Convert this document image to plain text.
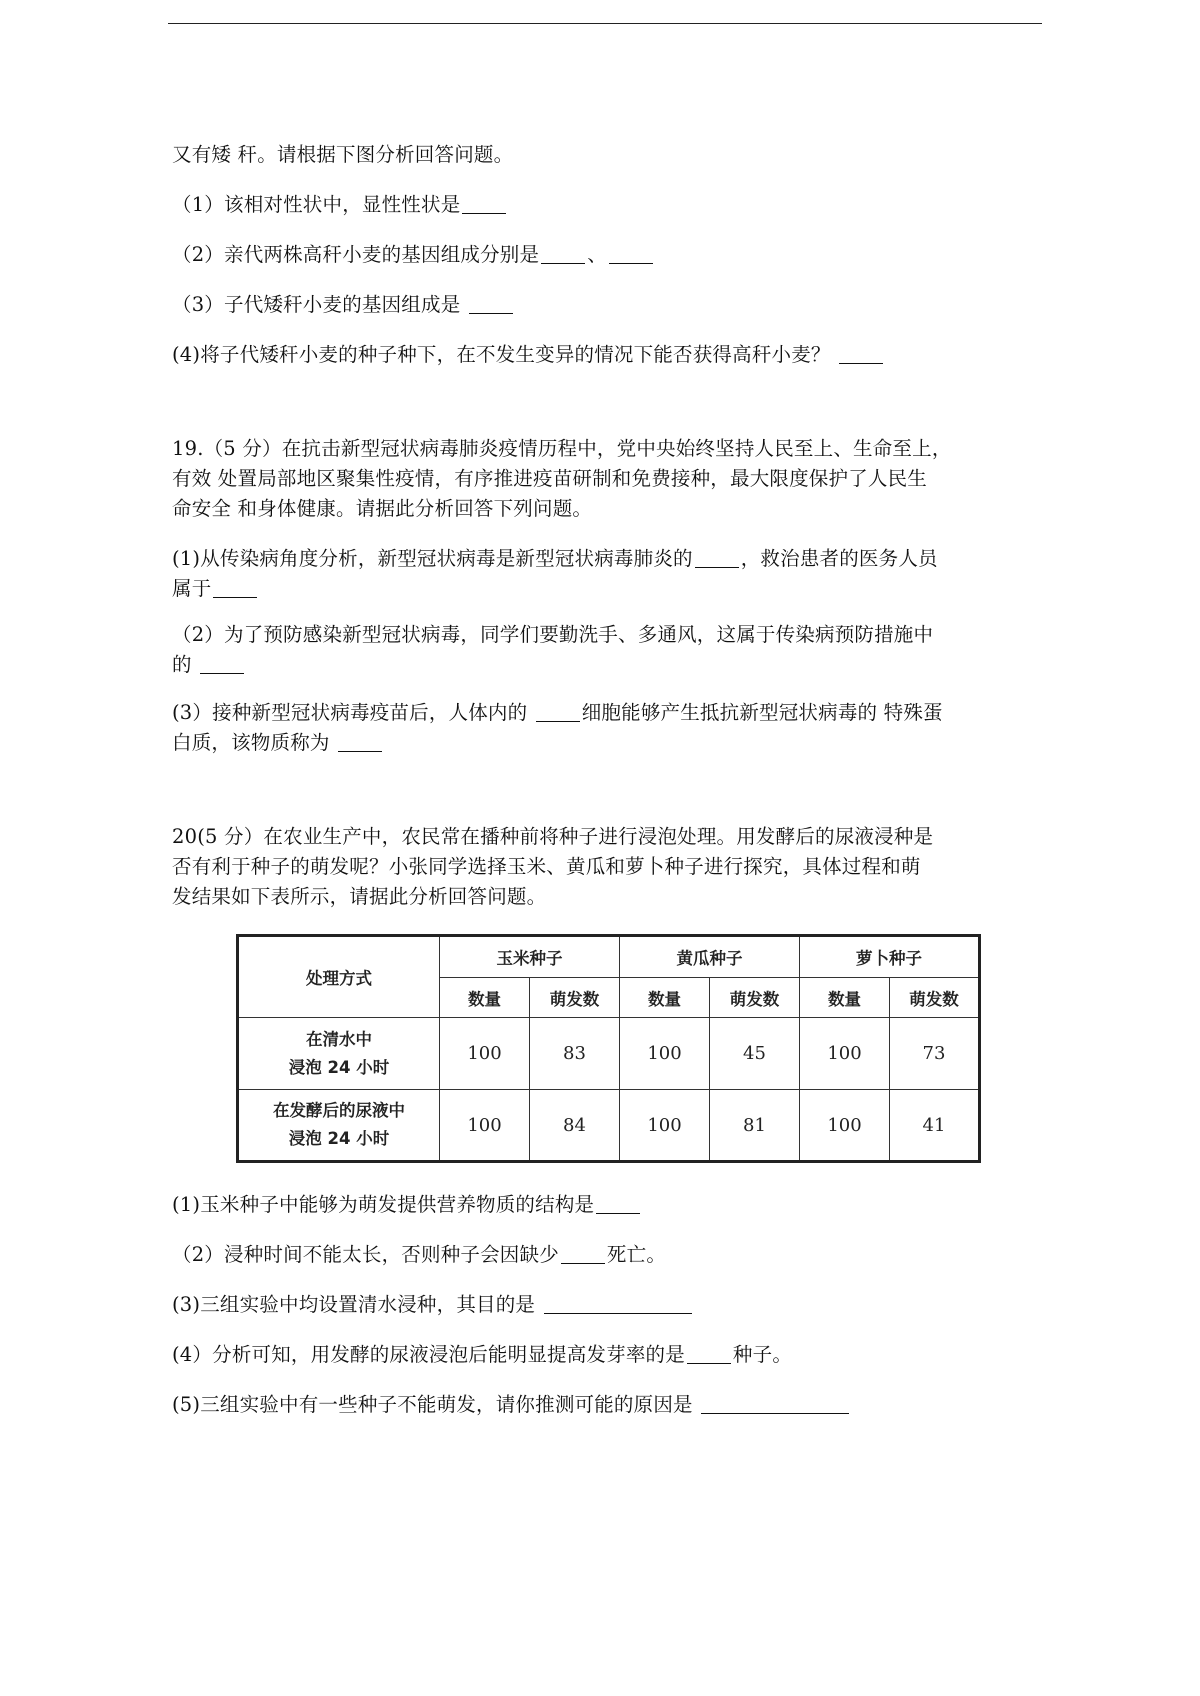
又有矮 秆。请根据下图分析回答问题。
（1）该相对性状中，显性性状是
（2）亲代两株高秆小麦的基因组成分别是 、
（3）子代矮秆小麦的基因组成是
(4)将子代矮秆小麦的种子种下，在不发生变异的情况下能否获得高秆小麦？
19.（5 分）在抗击新型冠状病毒肺炎疫情历程中，党中央始终坚持人民至上、生命至上，
有效 处置局部地区聚集性疫情，有序推进疫苗研制和免费接种，最大限度保护了人民生
命安全 和身体健康。请据此分析回答下列问题。
(1)从传染病角度分析，新型冠状病毒是新型冠状病毒肺炎的 ，救治患者的医务人员
属于
（2）为了预防感染新型冠状病毒，同学们要勤洗手、多通风，这属于传染病预防措施中
的
(3）接种新型冠状病毒疫苗后，人体内的 细胞能够产生抵抗新型冠状病毒的 特殊蛋
白质，该物质称为
20(5 分）在农业生产中，农民常在播种前将种子进行浸泡处理。用发酵后的尿液浸种是
否有利于种子的萌发呢？小张同学选择玉米、黄瓜和萝卜种子进行探究，具体过程和萌
发结果如下表所示，请据此分析回答问题。
处理方式	玉米种子		黄瓜种子		萝卜种子	
	数量	萌发数	数量	萌发数	数量	萌发数

在清水中
浸泡 24 小时	100	83	100	45	100	73

在发酵后的尿液中
浸泡 24 小时	100	84	100	81	100	41
(1)玉米种子中能够为萌发提供营养物质的结构是
（2）浸种时间不能太长，否则种子会因缺少 死亡。
(3)三组实验中均设置清水浸种，其目的是
(4）分析可知，用发酵的尿液浸泡后能明显提高发芽率的是 种子。
(5)三组实验中有一些种子不能萌发，请你推测可能的原因是
